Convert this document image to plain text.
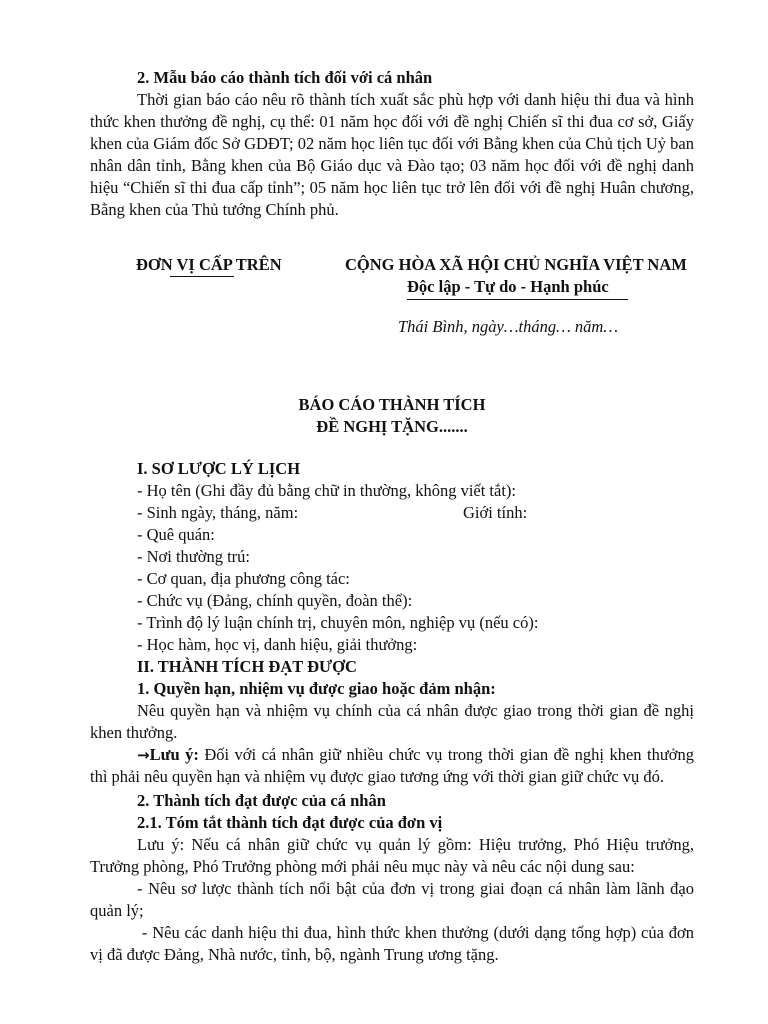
2. Mẫu báo cáo thành tích đối với cá nhân

Thời gian báo cáo nêu rõ thành tích xuất sắc phù hợp với danh hiệu thi đua và hình thức khen thưởng đề nghị, cụ thể: 01 năm học đối với đề nghị Chiến sĩ thi đua cơ sở, Giấy khen của Giám đốc Sở GDĐT; 02 năm học liên tục đối với Bằng khen của Chủ tịch Uỷ ban nhân dân tỉnh, Bằng khen của Bộ Giáo dục và Đào tạo; 03 năm học đối với đề nghị danh hiệu “Chiến sĩ thi đua cấp tỉnh”; 05 năm học liên tục trở lên đối với đề nghị Huân chương, Bằng khen của Thủ tướng Chính phủ.

ĐƠN VỊ CẤP TRÊN	CỘNG HÒA XÃ HỘI CHỦ NGHĨA VIỆT NAM
Độc lập - Tự do - Hạnh phúc
Thái Bình, ngày…tháng… năm…

BÁO CÁO THÀNH TÍCH

ĐỀ NGHỊ TẶNG.......

I. SƠ LƯỢC LÝ LỊCH

- Họ tên (Ghi đầy đủ bằng chữ in thường, không viết tắt):

- Sinh ngày, tháng, năm:	Giới tính:

- Quê quán:

- Nơi thường trú:

- Cơ quan, địa phương công tác:

- Chức vụ (Đảng, chính quyền, đoàn thể):

- Trình độ lý luận chính trị, chuyên môn, nghiệp vụ (nếu có):

- Học hàm, học vị, danh hiệu, giải thưởng:

II. THÀNH TÍCH ĐẠT ĐƯỢC

1. Quyền hạn, nhiệm vụ được giao hoặc đảm nhận:

Nêu quyền hạn và nhiệm vụ chính của cá nhân được giao trong thời gian đề nghị khen thưởng.

→Lưu ý: Đối với cá nhân giữ nhiều chức vụ trong thời gian đề nghị khen thưởng thì phải nêu quyền hạn và nhiệm vụ được giao tương ứng với thời gian giữ chức vụ đó.

2. Thành tích đạt được của cá nhân

2.1. Tóm tắt thành tích đạt được của đơn vị

Lưu ý: Nếu cá nhân giữ chức vụ quản lý gồm: Hiệu trưởng, Phó Hiệu trưởng, Trưởng phòng, Phó Trưởng phòng mới phải nêu mục này và nêu các nội dung sau:

- Nêu sơ lược thành tích nổi bật của đơn vị trong giai đoạn cá nhân làm lãnh đạo quản lý;

- Nêu các danh hiệu thi đua, hình thức khen thưởng (dưới dạng tổng hợp) của đơn vị đã được Đảng, Nhà nước, tỉnh, bộ, ngành Trung ương tặng.
